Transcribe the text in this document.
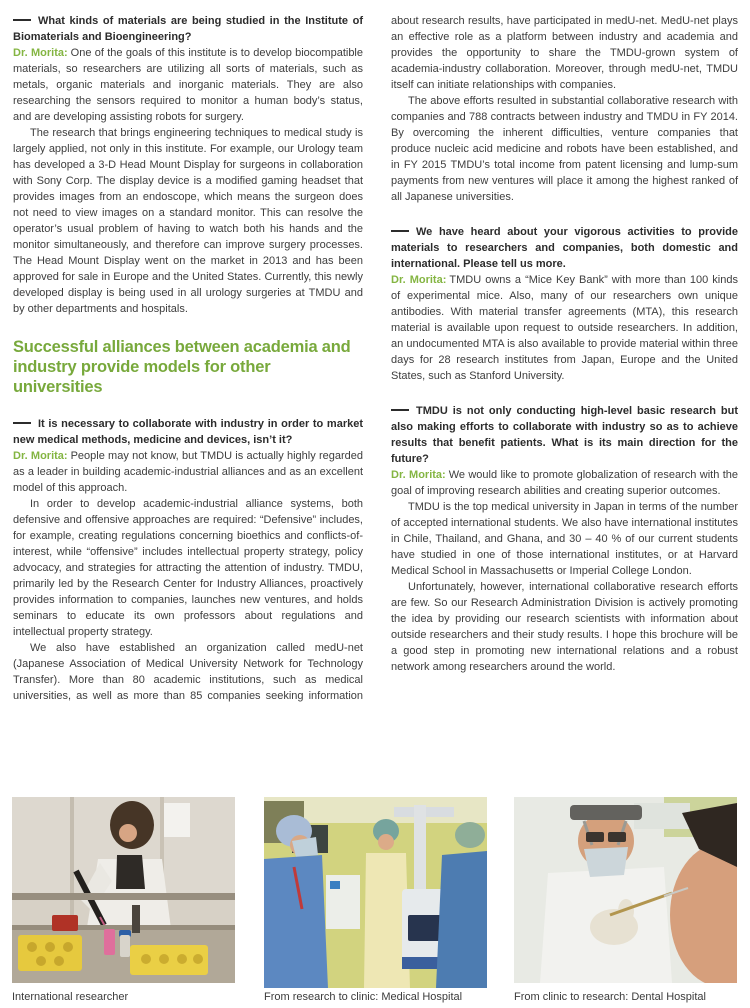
What kinds of materials are being studied in the Institute of Biomaterials and Bioengineering?

Dr. Morita: One of the goals of this institute is to develop biocompatible materials, so researchers are utilizing all sorts of materials, such as metals, organic materials and inorganic materials. They are also researching the sensors required to monitor a human body’s status, and are developing assisting robots for surgery.

The research that brings engineering techniques to medical study is largely applied, not only in this institute. For example, our Urology team has developed a 3-D Head Mount Display for surgeons in collaboration with Sony Corp. The display device is a modified gaming headset that provides images from an endoscope, which means the surgeon does not need to view images on a standard monitor. This can resolve the operator’s usual problem of having to watch both his hands and the monitor simultaneously, and therefore can improve surgery processes. The Head Mount Display went on the market in 2013 and has been approved for sale in Europe and the United States. Currently, this newly developed display is being used in all urology surgeries at TMDU and by other departments and hospitals.

Successful alliances between academia and industry provide models for other universities

It is necessary to collaborate with industry in order to market new medical methods, medicine and devices, isn’t it?

Dr. Morita: People may not know, but TMDU is actually highly regarded as a leader in building academic-industrial alliances and as an excellent model of this approach.

In order to develop academic-industrial alliance systems, both defensive and offensive approaches are required: “Defensive” includes, for example, creating regulations concerning bioethics and conflicts-of-interest, while “offensive” includes intellectual property strategy, policy advocacy, and strategies for attracting the attention of industry. TMDU, primarily led by the Research Center for Industry Alliances, proactively provides information to companies, launches new ventures, and holds seminars to educate its own professors about regulations and intellectual property strategy.

We also have established an organization called medU-net (Japanese Association of Medical University Network for Technology Transfer). More than 80 academic institutions, such as medical universities, as well as more than 85 companies seeking information

about research results, have participated in medU-net. MedU-net plays an effective role as a platform between industry and academia and provides the opportunity to share the TMDU-grown system of academia-industry collaboration. Moreover, through medU-net, TMDU itself can initiate relationships with companies.

The above efforts resulted in substantial collaborative research with companies and 788 contracts between industry and TMDU in FY 2014. By overcoming the inherent difficulties, venture companies that produce nucleic acid medicine and robots have been established, and in FY 2015 TMDU’s total income from patent licensing and lump-sum payments from new ventures will place it among the highest ranked of all Japanese universities.

We have heard about your vigorous activities to provide materials to researchers and companies, both domestic and international. Please tell us more.

Dr. Morita: TMDU owns a “Mice Key Bank” with more than 100 kinds of experimental mice. Also, many of our researchers own unique antibodies. With material transfer agreements (MTA), this research material is available upon request to outside researchers. In addition, an undocumented MTA is also available to provide material within three days for 28 research institutes from Japan, Europe and the United States, such as Stanford University.

TMDU is not only conducting high-level basic research but also making efforts to collaborate with industry so as to achieve results that benefit patients. What is its main direction for the future?

Dr. Morita: We would like to promote globalization of research with the goal of improving research abilities and creating superior outcomes.

TMDU is the top medical university in Japan in terms of the number of accepted international students. We also have international institutes in Chile, Thailand, and Ghana, and 30 – 40 % of our current students have studied in one of those international institutes, or at Harvard Medical School in Massachusetts or Imperial College London.

Unfortunately, however, international collaborative research efforts are few. So our Research Administration Division is actively promoting the idea by providing our research scientists with information about outside researchers and their study results. I hope this brochure will be a good step in promoting new international relations and a robust network among researchers around the world.

International researcher	From research to clinic: Medical Hospital	From clinic to research: Dental Hospital
